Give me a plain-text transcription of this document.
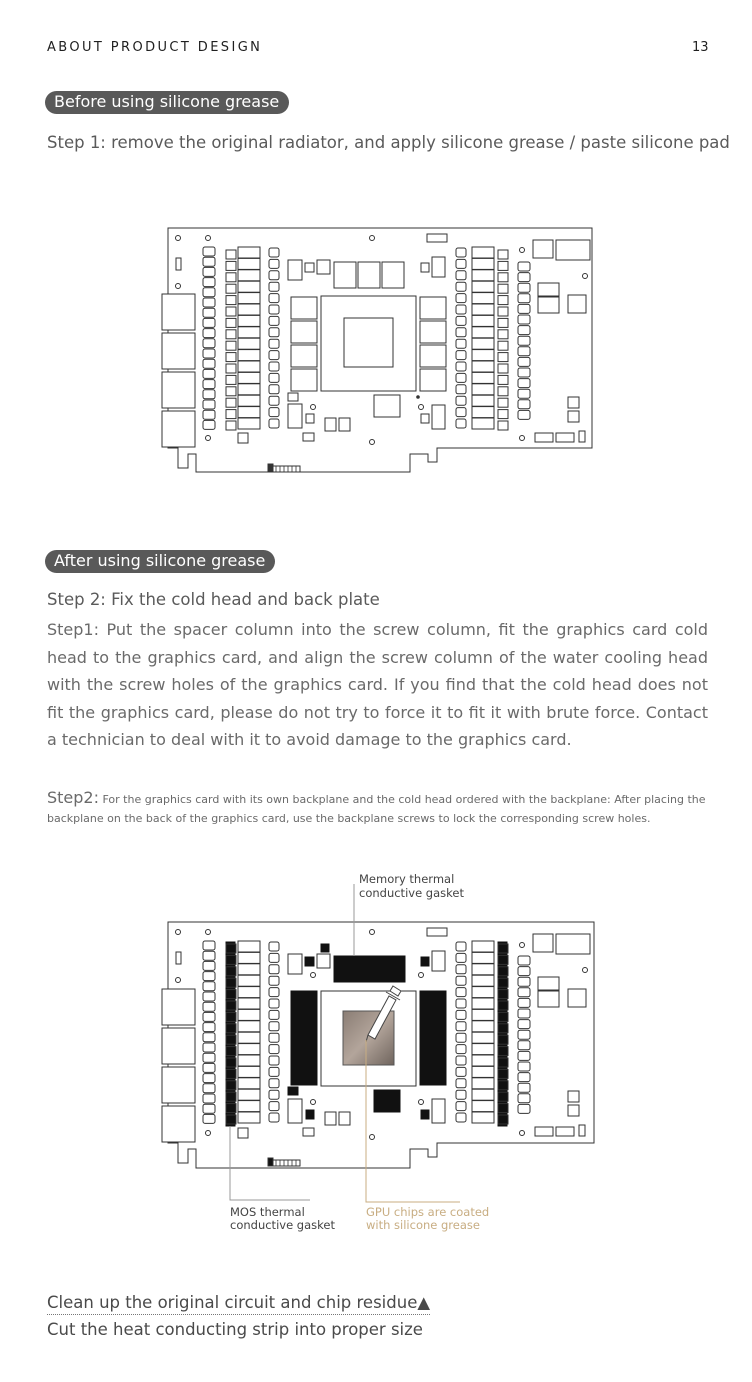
ABOUT PRODUCT DESIGN	13
Before using silicone grease
Step 1: remove the original radiator, and apply silicone grease / paste silicone pad
After using silicone grease
Step 2: Fix the cold head and back plate
Step1: Put the spacer column into the screw column, fit the graphics card cold head to the graphics card, and align the screw column of the water cooling head with the screw holes of the graphics card. If you find that the cold head does not fit the graphics card, please do not try to force it to fit it with brute force. Contact a technician to deal with it to avoid damage to the graphics card.
Step2: For the graphics card with its own backplane and the cold head ordered with the backplane: After placing the backplane on the back of the graphics card, use the backplane screws to lock the corresponding screw holes.
Memory thermal
conductive gasket
MOS thermal
conductive gasket
GPU chips are coated
with silicone grease
Clean up the original circuit and chip residue▲
Cut the heat conducting strip into proper size
